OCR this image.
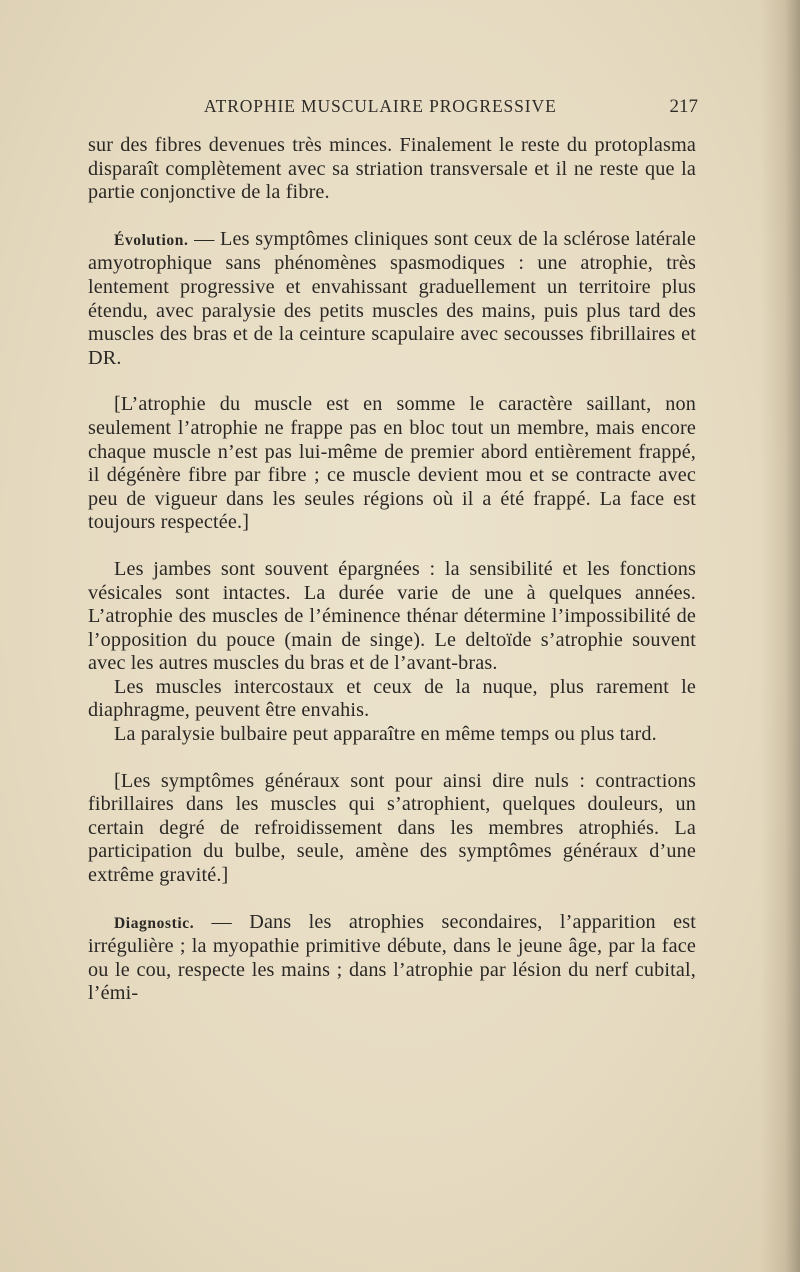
ATROPHIE MUSCULAIRE PROGRESSIVE	217

sur des fibres devenues très minces. Finalement le reste du protoplasma disparaît complètement avec sa striation transversale et il ne reste que la partie conjonctive de la fibre.

Évolution. — Les symptômes cliniques sont ceux de la sclérose latérale amyotrophique sans phénomènes spasmodiques : une atrophie, très lentement progressive et envahissant graduellement un territoire plus étendu, avec paralysie des petits muscles des mains, puis plus tard des muscles des bras et de la ceinture scapulaire avec secousses fibrillaires et DR.

[L’atrophie du muscle est en somme le caractère saillant, non seulement l’atrophie ne frappe pas en bloc tout un membre, mais encore chaque muscle n’est pas lui-même de premier abord entièrement frappé, il dégénère fibre par fibre ; ce muscle devient mou et se contracte avec peu de vigueur dans les seules régions où il a été frappé. La face est toujours respectée.]

Les jambes sont souvent épargnées : la sensibilité et les fonctions vésicales sont intactes. La durée varie de une à quelques années. L’atrophie des muscles de l’éminence thénar détermine l’impossibilité de l’opposition du pouce (main de singe). Le deltoïde s’atrophie souvent avec les autres muscles du bras et de l’avant-bras.

Les muscles intercostaux et ceux de la nuque, plus rarement le diaphragme, peuvent être envahis.

La paralysie bulbaire peut apparaître en même temps ou plus tard.

[Les symptômes généraux sont pour ainsi dire nuls : contractions fibrillaires dans les muscles qui s’atrophient, quelques douleurs, un certain degré de refroidissement dans les membres atrophiés. La participation du bulbe, seule, amène des symptômes généraux d’une extrême gravité.]

Diagnostic. — Dans les atrophies secondaires, l’apparition est irrégulière ; la myopathie primitive débute, dans le jeune âge, par la face ou le cou, respecte les mains ; dans l’atrophie par lésion du nerf cubital, l’émi-
